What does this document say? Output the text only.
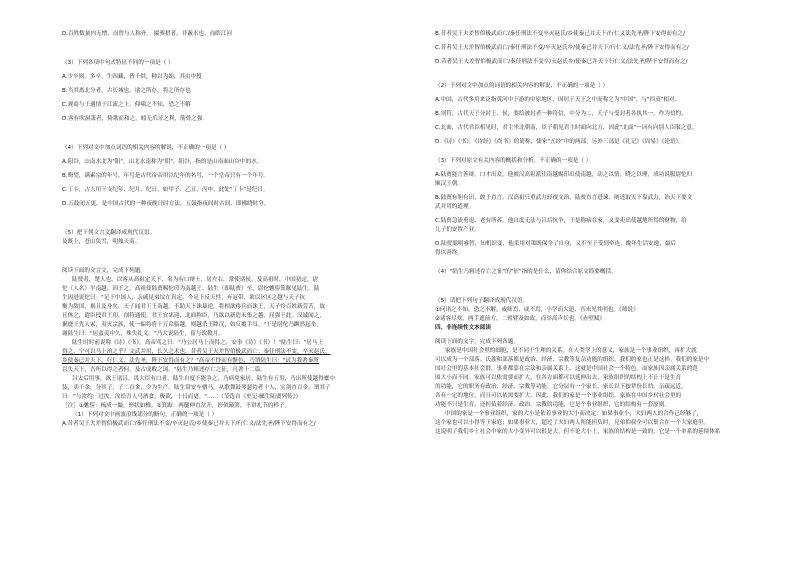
D.百姓数量内无增，而曾与人称齐。 揣葬措者，非蔽水也，而皓江河
（3）下列各项中句式特征不同的一项是（ ）
A.少卒则，多卒，生四藏，皆千供，种以为始，其由中授
B.当其离北分者，古长城也，诸之所存，将之所存也
C.观商与于通情于江流之上，仰啸之不知，恐之不解
D.客有吹洞箫者，倚歌而和之，蚓无爪牙之利，筋骨之强
（4）下列对文中加点词语的相关内容的解说，不正确的一项是（ ）
A.阳谷，山南水北为"阳"，山北水南称为"阴"，阳谷，指的是山南面山谷中的水。
B.晦望，满素宗的年号。年号是古代帝帝用以纪年的名号，一个皇帝只有一个年号。
C.丁卡，古人用干支纪年、纪月、纪日，如甲子、乙丑，丙申，此处"丁卡"是纪日。
D.五鼓闭五更，是中国古代的一种夜晚计时方法，五鼓指夜间时古间，即拂晓时分。
（5）把下列文言文翻译成现代汉语。
及既上，苍山负雪，明烛天南。
阅读下面的文言文，完成下列题。
陆贾者，楚人也，以客从高祖定天下，名为有口辩士，居左右，常使诸侯。及高祖时，中国初定，尉
佗（人名）平南越，因王之。高祖使陆贾赐佗印为南越王。陆生（即陆贾）至，尉佗魋髻箕踞见陆生。陆
生因进说佗曰："足下中国人，亲戚昆弟坟在真定。今足下反天性，弃冠带，欲以区区之越与天子抗
衡为敌国，祸且及身矣。天子闻君王王南越，不助天下诛暴逆，将相欲移兵而诛王，天子怜百姓新劳苦，故
且休之，遣臣授君王印，剖符通使。君王宜郊迎，北面称臣，乃欲以新造未集之越，屈强于此。汉诚闻之，
掘烧王先人冢，夷灭宗族，使一偏将将十万众临越，则越杀王降汉，如反覆手耳。"于是尉佗乃蹶然起坐，
谢陆生曰："居蛮夷中久，殊失礼义。"乃大说陆生，留与饮数月。
陆生时时前说称《诗》《书》。高帝骂之曰："乃公居马上而得之，安事《诗》《书》！"陆生曰："居马上
得之，宁可以马上治之乎？文武并用，长久之术也。昔者吴王夫差智伯极武而亡；秦任刑法不变，卒灭赵氏。
乡使秦已并天下，行仁义，法先圣，陛下安得而有之？"高帝不怿而有惭色，乃谓陆生曰："试为我著秦所
以失天下，吾所以得之者何，及古成败之国。"陆生乃粗述存亡之征，凡著十二篇。
吕太后用事，欲王诸吕，畏大臣有口者，陆生自度不能争之，乃病免家居。陆生有五男，乃出所使越得橐中
装，卖千金，分其子，子二百金，令为生产。陆生常安车驷马，从歌舞鼓琴瑟侍者十人，宝剑直百金，谓其子
曰："与汝约：过汝，汝给吾人马酒食，极欲，十日而更。"……（节选自《史记·郦生陆贾列传》）
［注］①魋髻：梳成一撮，形状如椎。②箕踞：两腿伸直岔开，形似簸箕，不讲礼节的样子。
（1）下列对文中画波浪线部分的断句，正确的一项是（ ）
A.昔者吴王夫差智伯极武而亡/秦任刑法不变/卒灭赵氏/乡使秦已并天下/行仁义/法先圣/陛下安得而有之/
B.昔者吴王夫差智伯极武而亡/秦任刑法不变卒灭赵氏/乡使秦已并天下/行仁义法先圣/陛下安得而有之/
C.昔者吴王夫差智伯极武而亡/秦任刑法不变/卒灭赵氏乡/使秦已并天下/行仁义/法先圣/陛下安得而有之/
D.昔者吴王夫差智伯极武而亡/秦任刑法不变卒/灭赵氏乡/使秦已并天下行仁义/法先圣/陛下安得而有之/
（2）下列对文中加点的词语的相关内容的解说，不正确的一项是（ ）
A.中国，古代多用来泛指黄河中下游的中原地区，因居于天下之中而称之为"中国"，与"四夷"相对。
B.剖符，古代天子分封王、侯，要给被封者一种符信，中分为二，天子与受封者各执其一，作为信约。
C.北面，古代君臣相见时，君主坐北朝南，臣子朝见君主时面向北方，因此"北面"一词有向别人臣服之意。
D.《诗》《书》，《诗经》《尚书》的简称，儒家"五经"中的两部，另外三部是《礼记》《周易》《论语》。
（3）下列对原文有关内容的概括和分析，不正确的一项是（ ）
A.陆贾能言善辩，口才出众。他被汉高祖派往南越赐印出使南越，动之以情，晓之以理，成功说服尉佗归
顺汉王朝。
B.陆贾有胆有识，敢于直言。汉高祖只重武力轻视文治，陆贾直言进谏，阐述取天下靠武力，治天下要文
武并用的道理。
C.陆贾急流勇退，老有所养。他自度无法与吕后抗争，于是称病在家，又变卖出使越地所得的财物，给
儿子们安置产业。
D.陆贾聪明睿智，知机识变，他采用对策既保全了自身，又不至于受到牵连，晚年生活安逸，最后
得以善终。
（4）"陆生乃粗述存亡之征"的"征"指的是什么，请你结合原文简要概括。
（5）请把下列句子翻译成现代汉语。
①问诸之不知，恐之不解，或师焉，或不焉，小学而大遗，吾未见其明也。《师说》
②诸客尽欢，两手遮前方，二臂臂及如故，而举高声长也。《赤壁赋》
四、非连续性文本阅读
阅读下面的文字，完成下列各题。
家族是中国社会里的细胞，是不同于生理的关系。在人类学上的意义，家族是一个事业组织，再扩大就
可以成为一个部落。氏族和部落都是政治、经济、宗教等复杂功能的组织。我们的家也正是这样。我们的家是中
国社会里的基本社会群，事业都靠在宗法和亲属关系上。这就是中国社会一个特色。而家族因亲属关系的范
围大小而不同。家族可以依需要而扩大，在各方面都可以延伸出去。家族组织的结构上不止于是生育
的功能，它的职务有政治、经济、宗教等功能。它分层有一个家长，家长以下按辈份长幼，亲疏远近，
各有一定的地位，而且可以依需要扩大。因此，我们的家是一个事业组织，家族在中国乡村社会里的
功能不只是生育，还担负着经济、政治、宗教的功能，它是个事业组织，它的结构有一套原则。
中国的家是一个事业组织，家的大小是依着事业的大小而决定：如果事业小，夫妇两人的合作已经够了，
这个家也可以小得等于家庭；如果事业大，超过了夫妇两人所能担负时，兄弟伯叔全可以集合在一个大家庭里。
这说明了我们乡土社会中家的大小变异可以很是大。但不论大小上，家族的结构是一致的，它是一个单系的延续体系
